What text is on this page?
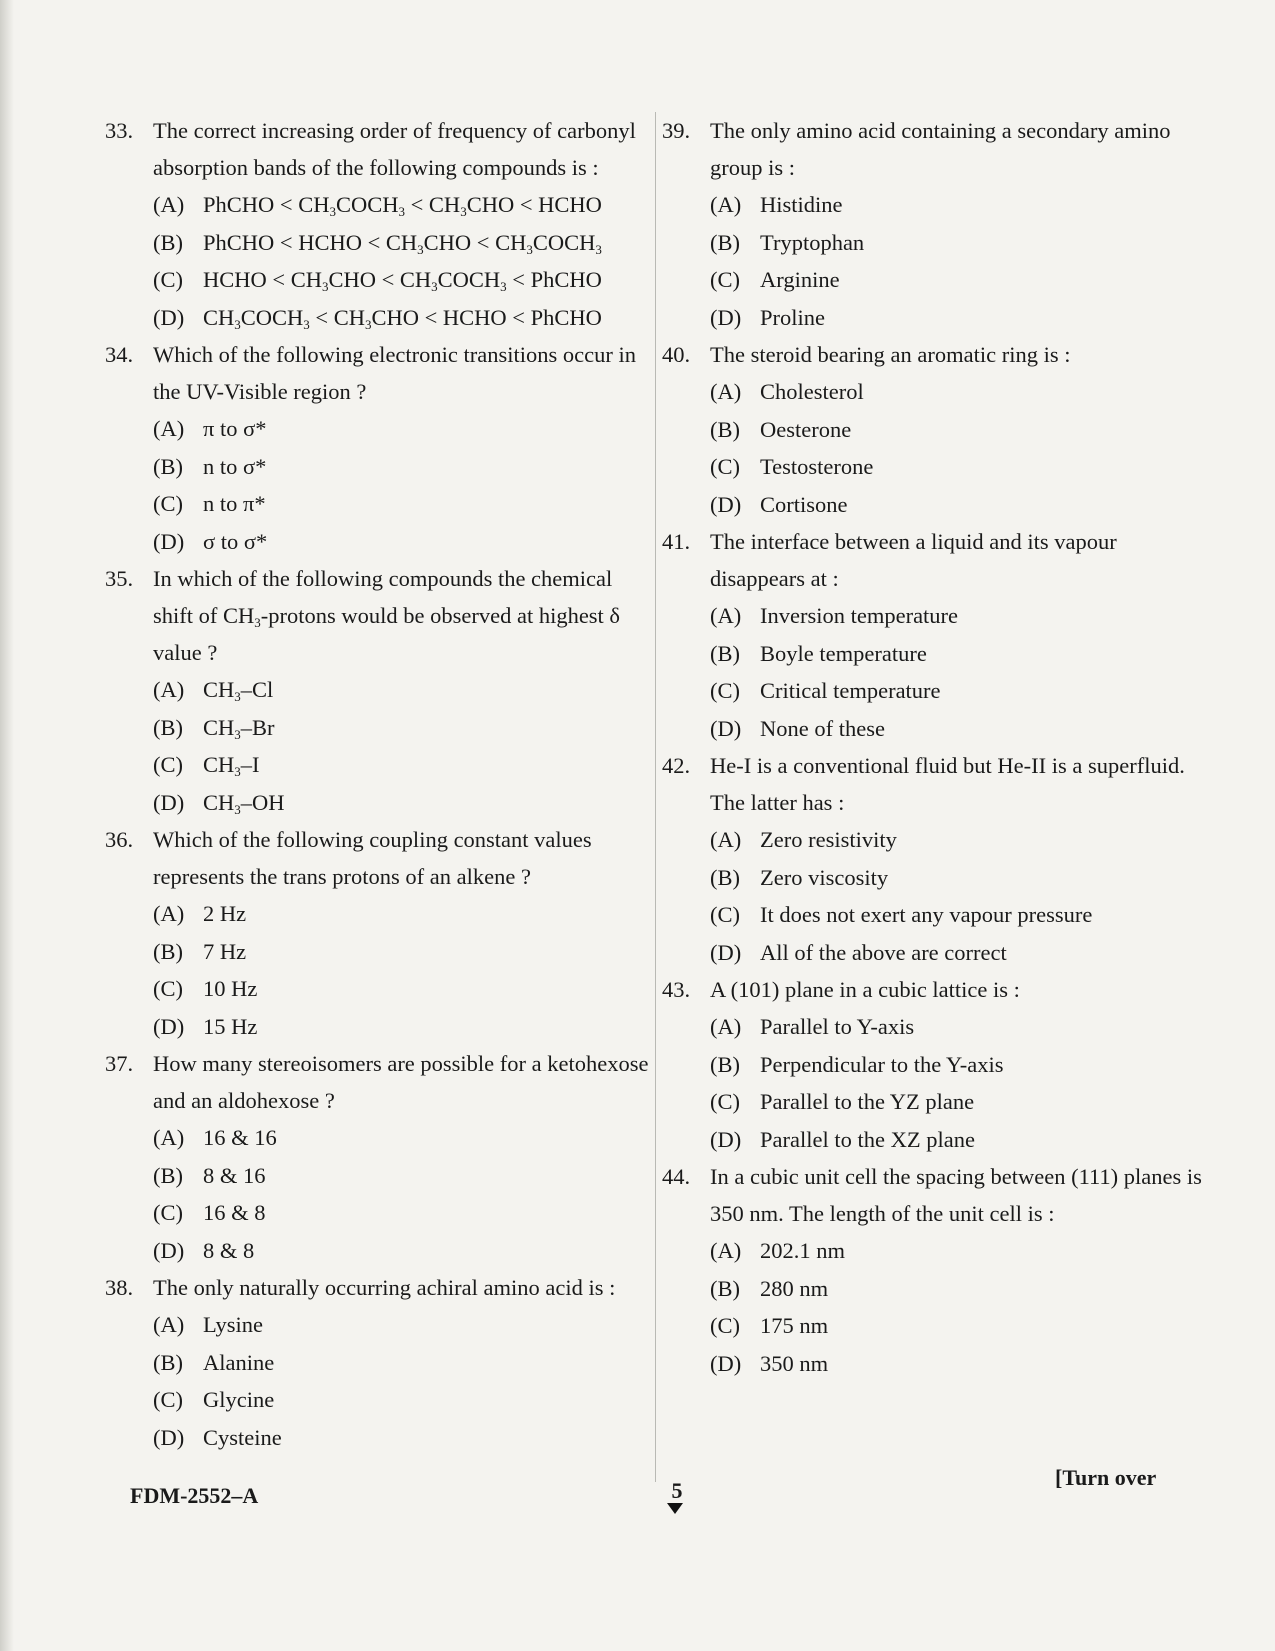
33. The correct increasing order of frequency of carbonyl absorption bands of the following compounds is :
(A) PhCHO < $CH_3COCH_3 < CH_3CHO$ < HCHO
(B) PhCHO < HCHO < $CH_3CHO$ < $CH_3COCH_3$
(C) HCHO < $CH_3CHO$ < $CH_3COCH_3$ < PhCHO
(D) $CH_3COCH_3 < CH_3CHO$ < HCHO < PhCHO
34. Which of the following electronic transitions occur in the UV-Visible region ?
(A) π to σ*
(B) n to σ*
(C) n to π*
(D) σ to σ*
35. In which of the following compounds the chemical shift of $CH_3$-protons would be observed at highest δ value ?
(A) $CH_3-Cl$
(B) $CH_3-Br$
(C) $CH_3-I$
(D) $CH_3-OH$
36. Which of the following coupling constant values represents the trans protons of an alkene ?
(A) 2 Hz
(B) 7 Hz
(C) 10 Hz
(D) 15 Hz
37. How many stereoisomers are possible for a ketohexose and an aldohexose ?
(A) 16 & 16
(B) 8 & 16
(C) 16 & 8
(D) 8 & 8
38. The only naturally occurring achiral amino acid is :
(A) Lysine
(B) Alanine
(C) Glycine
(D) Cysteine
39. The only amino acid containing a secondary amino group is :
(A) Histidine
(B) Tryptophan
(C) Arginine
(D) Proline
40. The steroid bearing an aromatic ring is :
(A) Cholesterol
(B) Oesterone
(C) Testosterone
(D) Cortisone
41. The interface between a liquid and its vapour disappears at :
(A) Inversion temperature
(B) Boyle temperature
(C) Critical temperature
(D) None of these
42. He-I is a conventional fluid but He-II is a superfluid. The latter has :
(A) Zero resistivity
(B) Zero viscosity
(C) It does not exert any vapour pressure
(D) All of the above are correct
43. A (101) plane in a cubic lattice is :
(A) Parallel to Y-axis
(B) Perpendicular to the Y-axis
(C) Parallel to the YZ plane
(D) Parallel to the XZ plane
44. In a cubic unit cell the spacing between (111) planes is 350 nm. The length of the unit cell is :
(A) 202.1 nm
(B) 280 nm
(C) 175 nm
(D) 350 nm
FDM-2552–A	5
[Turn over
